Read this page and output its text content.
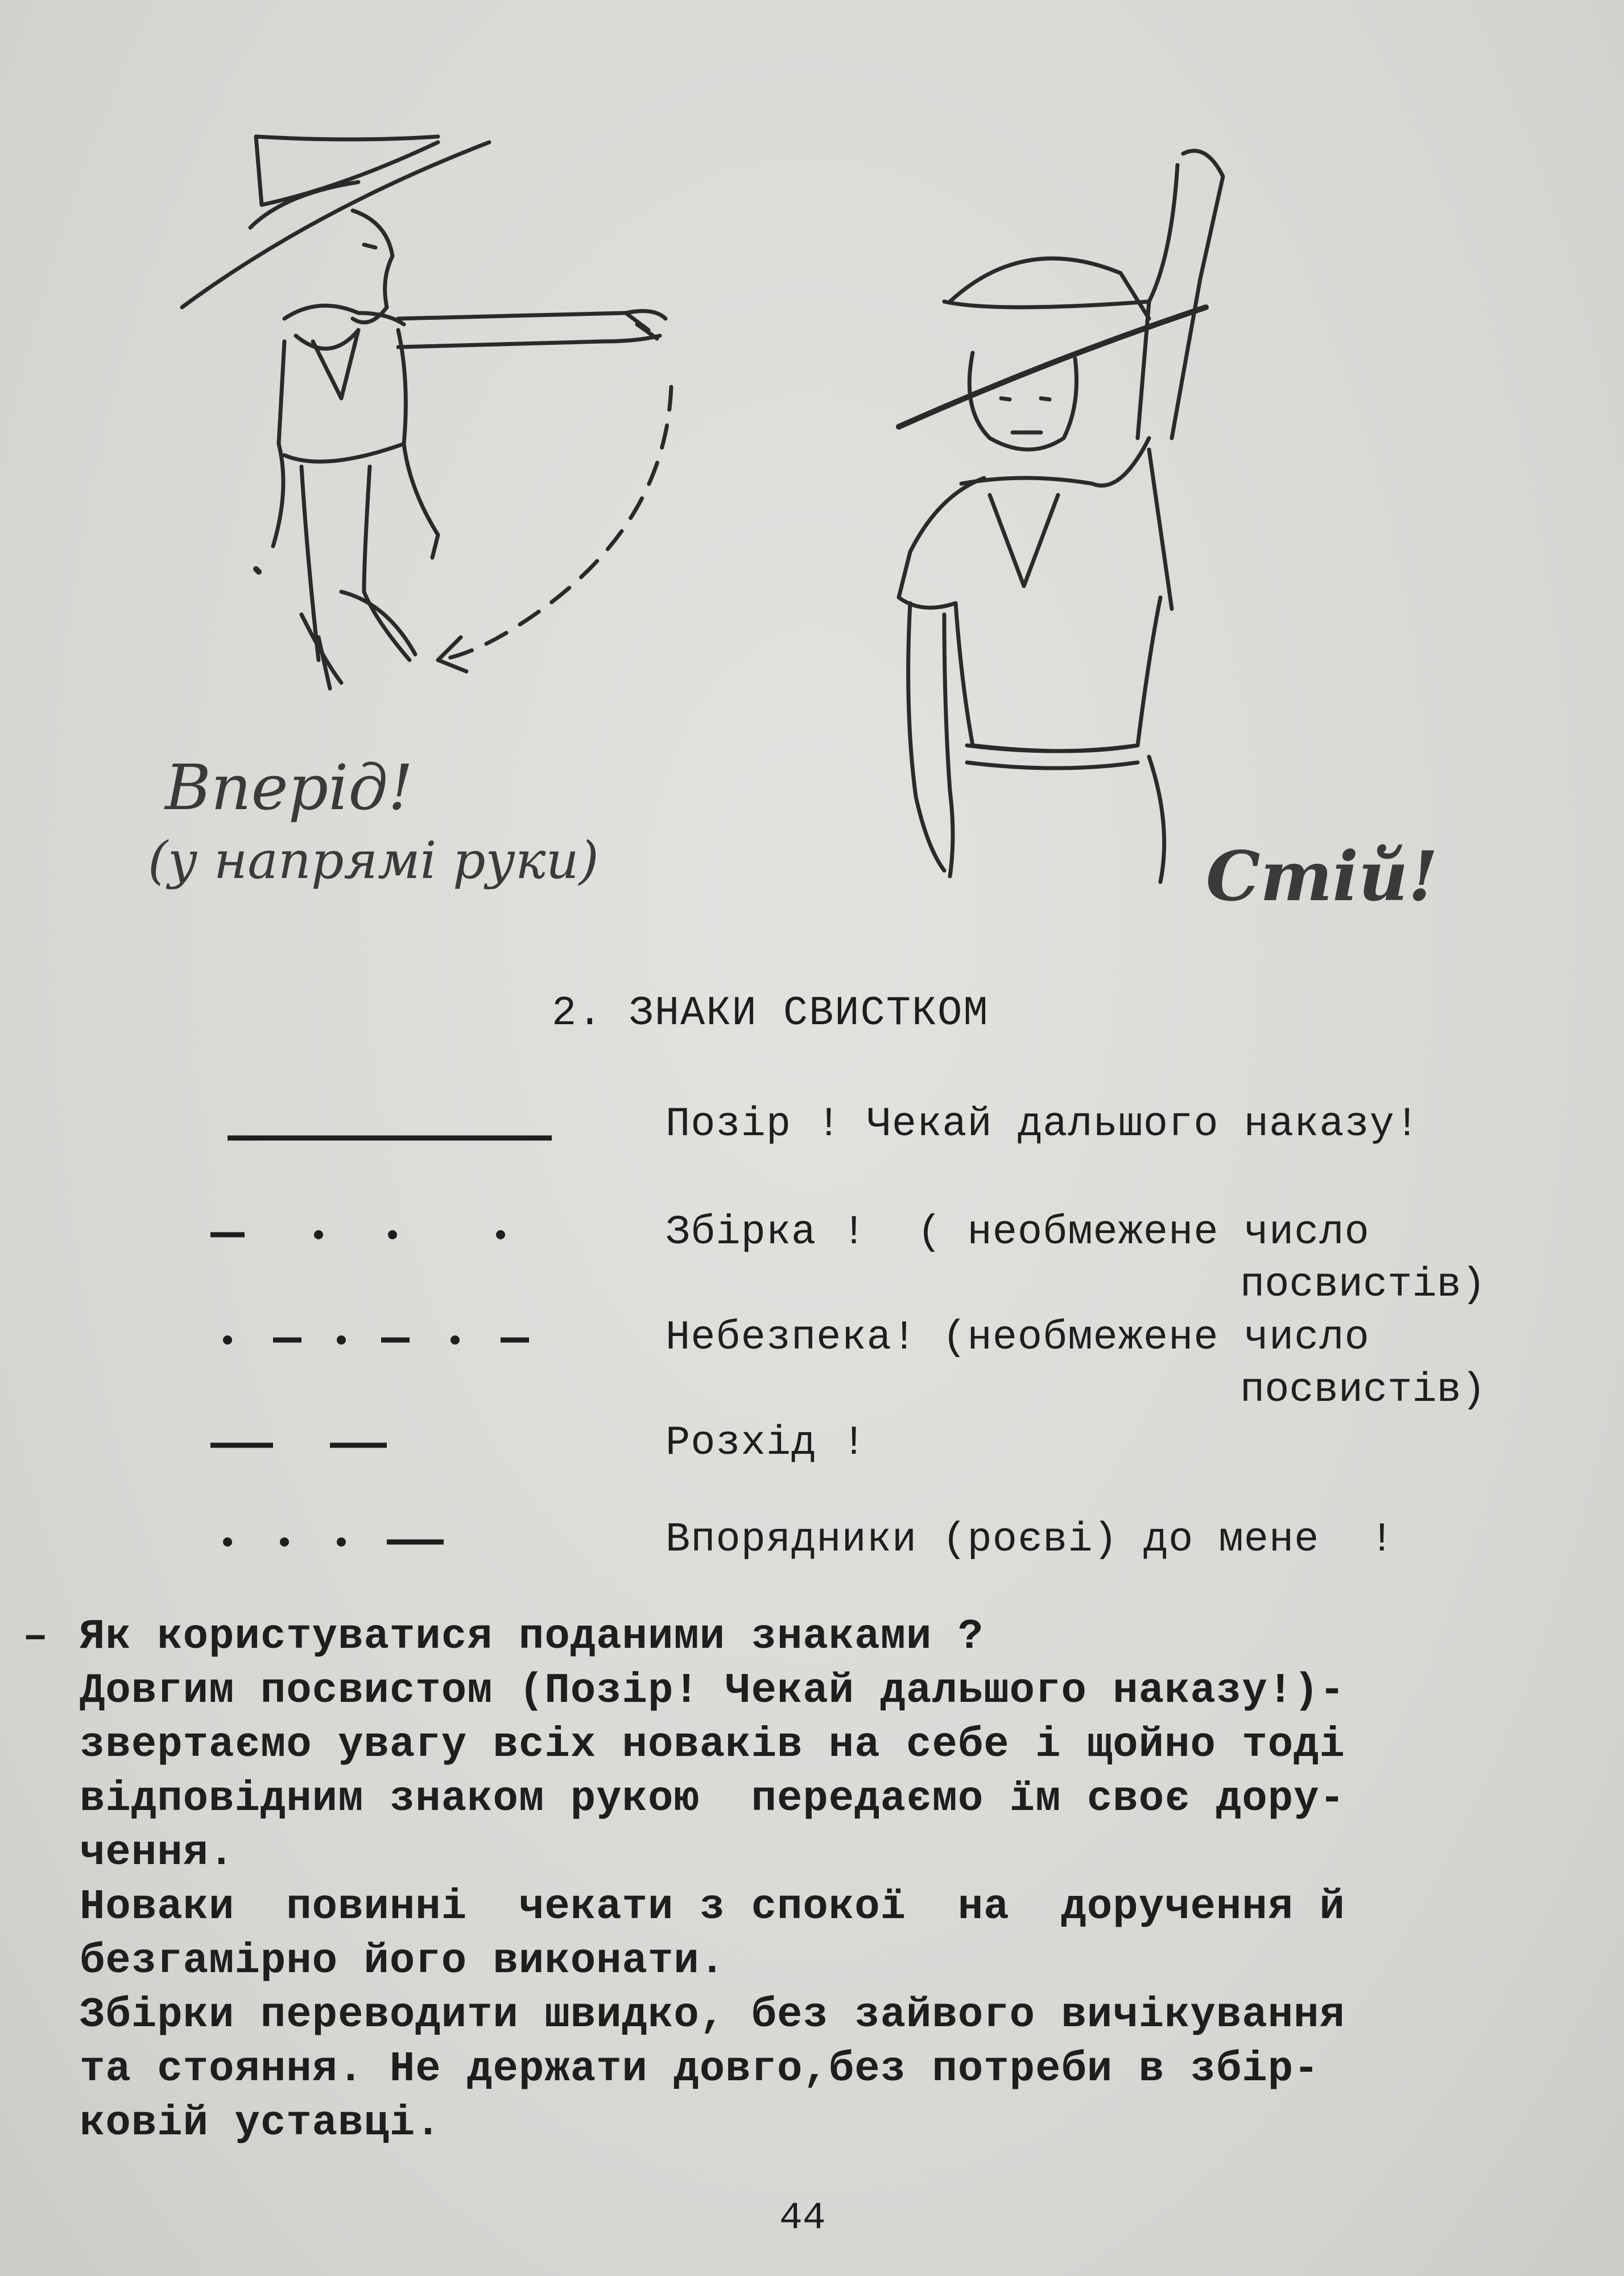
Вперід!
(у напрямі руки)	Стій!
2. ЗНАКИ СВИСТКОМ
Позір ! Чекай дальшого наказу!
Збірка !  ( необмежене число
посвистів)
Небезпека! (необмежене число
посвистів)
Розхід !
Впорядники (роєві) до мене  !
– Як користуватися поданими знаками ?
Довгим посвистом (Позір! Чекай дальшого наказу!)-
звертаємо увагу всіх новаків на себе і щойно тоді
відповідним знаком рукою  передаємо їм своє дору-
чення.
Новаки  повинні  чекати з спокої  на  доручення й
безгамірно його виконати.
Збірки переводити швидко, без зайвого вичікування
та стояння. Не держати довго,без потреби в збір-
ковій уставці.
44
